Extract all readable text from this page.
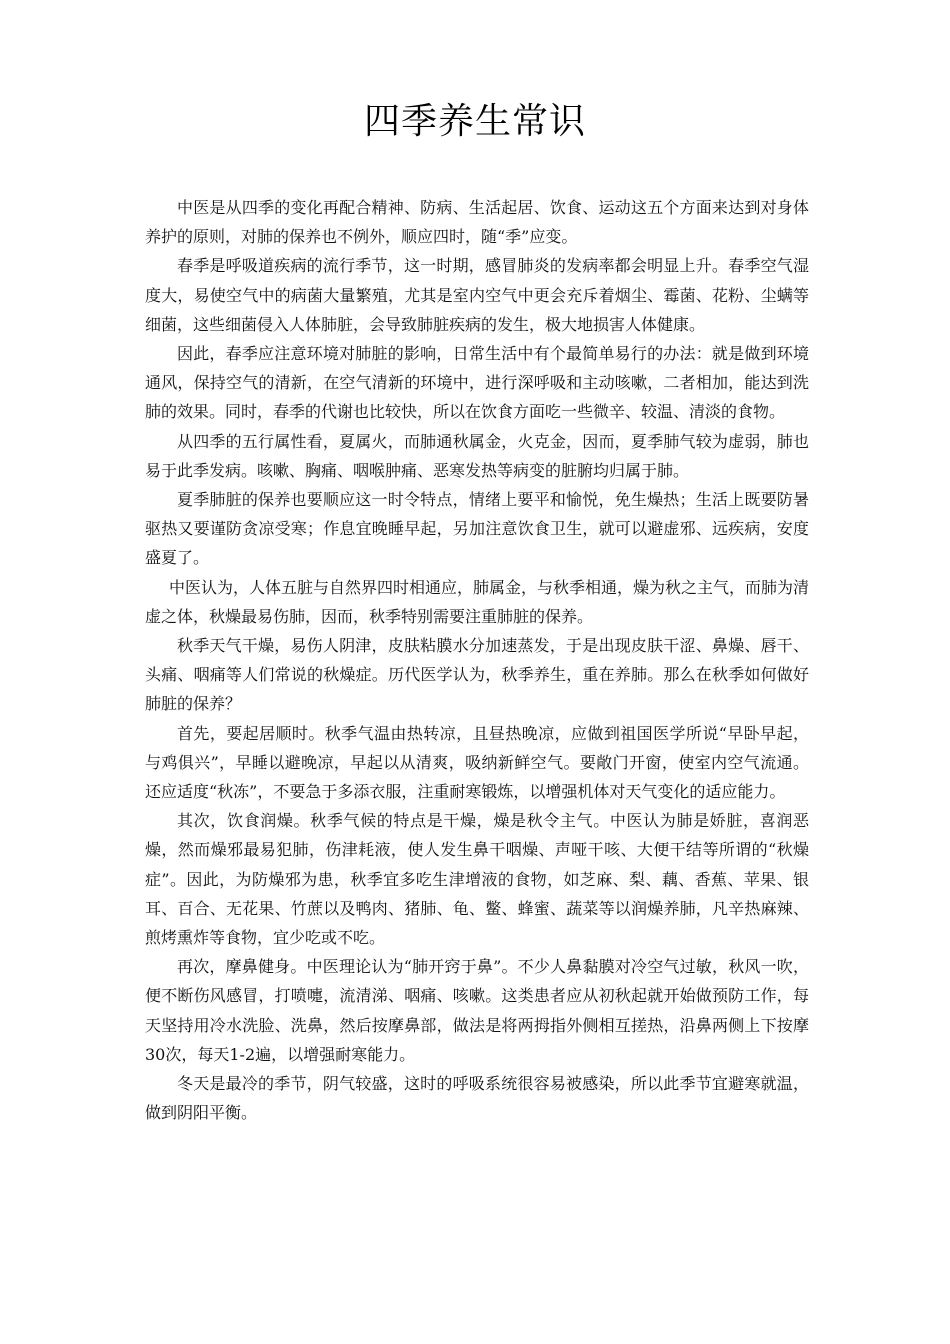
四季养生常识

中医是从四季的变化再配合精神、防病、生活起居、饮食、运动这五个方面来达到对身体养护的原则，对肺的保养也不例外，顺应四时，随“季”应变。

春季是呼吸道疾病的流行季节，这一时期，感冒肺炎的发病率都会明显上升。春季空气湿度大，易使空气中的病菌大量繁殖，尤其是室内空气中更会充斥着烟尘、霉菌、花粉、尘螨等细菌，这些细菌侵入人体肺脏，会导致肺脏疾病的发生，极大地损害人体健康。

因此，春季应注意环境对肺脏的影响，日常生活中有个最简单易行的办法：就是做到环境通风，保持空气的清新，在空气清新的环境中，进行深呼吸和主动咳嗽，二者相加，能达到洗肺的效果。同时，春季的代谢也比较快，所以在饮食方面吃一些微辛、较温、清淡的食物。

从四季的五行属性看，夏属火，而肺通秋属金，火克金，因而，夏季肺气较为虚弱，肺也易于此季发病。咳嗽、胸痛、咽喉肿痛、恶寒发热等病变的脏腑均归属于肺。

夏季肺脏的保养也要顺应这一时令特点，情绪上要平和愉悦，免生燥热；生活上既要防暑驱热又要谨防贪凉受寒；作息宜晚睡早起，另加注意饮食卫生，就可以避虚邪、远疾病，安度盛夏了。

中医认为，人体五脏与自然界四时相通应，肺属金，与秋季相通，燥为秋之主气，而肺为清虚之体，秋燥最易伤肺，因而，秋季特别需要注重肺脏的保养。

秋季天气干燥，易伤人阴津，皮肤粘膜水分加速蒸发，于是出现皮肤干涩、鼻燥、唇干、头痛、咽痛等人们常说的秋燥症。历代医学认为，秋季养生，重在养肺。那么在秋季如何做好肺脏的保养？

首先，要起居顺时。秋季气温由热转凉，且昼热晚凉，应做到祖国医学所说“早卧早起，与鸡俱兴”，早睡以避晚凉，早起以从清爽，吸纳新鲜空气。要敞门开窗，使室内空气流通。还应适度“秋冻”，不要急于多添衣服，注重耐寒锻炼，以增强机体对天气变化的适应能力。

其次，饮食润燥。秋季气候的特点是干燥，燥是秋令主气。中医认为肺是娇脏，喜润恶燥，然而燥邪最易犯肺，伤津耗液，使人发生鼻干咽燥、声哑干咳、大便干结等所谓的“秋燥症”。因此，为防燥邪为患，秋季宜多吃生津增液的食物，如芝麻、梨、藕、香蕉、苹果、银耳、百合、无花果、竹蔗以及鸭肉、猪肺、龟、鳖、蜂蜜、蔬菜等以润燥养肺，凡辛热麻辣、煎烤熏炸等食物，宜少吃或不吃。

再次，摩鼻健身。中医理论认为“肺开窍于鼻”。不少人鼻黏膜对冷空气过敏，秋风一吹，便不断伤风感冒，打喷嚏，流清涕、咽痛、咳嗽。这类患者应从初秋起就开始做预防工作，每天坚持用冷水洗脸、洗鼻，然后按摩鼻部，做法是将两拇指外侧相互搓热，沿鼻两侧上下按摩30次，每天1-2遍，以增强耐寒能力。

冬天是最冷的季节，阴气较盛，这时的呼吸系统很容易被感染，所以此季节宜避寒就温，做到阴阳平衡。
